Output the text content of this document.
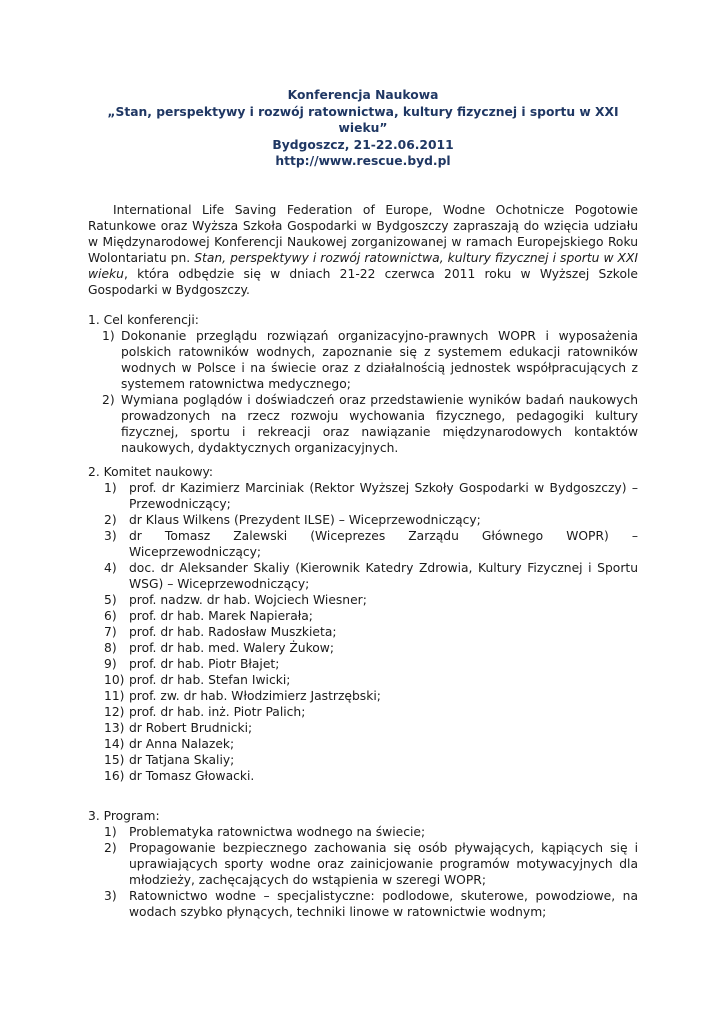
Konferencja Naukowa
„Stan, perspektywy i rozwój ratownictwa, kultury fizycznej i sportu w XXI wieku”
Bydgoszcz, 21-22.06.2011
http://www.rescue.byd.pl

International Life Saving Federation of Europe, Wodne Ochotnicze Pogotowie Ratunkowe oraz Wyższa Szkoła Gospodarki w Bydgoszczy zapraszają do wzięcia udziału w Międzynarodowej Konferencji Naukowej zorganizowanej w ramach Europejskiego Roku Wolontariatu pn. Stan, perspektywy i rozwój ratownictwa, kultury fizycznej i sportu w XXI wieku, która odbędzie się w dniach 21-22 czerwca 2011 roku w Wyższej Szkole Gospodarki w Bydgoszczy.

1. Cel konferencji:
1) Dokonanie przeglądu rozwiązań organizacyjno-prawnych WOPR i wyposażenia polskich ratowników wodnych, zapoznanie się z systemem edukacji ratowników wodnych w Polsce i na świecie oraz z działalnością jednostek współpracujących z systemem ratownictwa medycznego;
2) Wymiana poglądów i doświadczeń oraz przedstawienie wyników badań naukowych prowadzonych na rzecz rozwoju wychowania fizycznego, pedagogiki kultury fizycznej, sportu i rekreacji oraz nawiązanie międzynarodowych kontaktów naukowych, dydaktycznych organizacyjnych.
2. Komitet naukowy:
1) prof. dr Kazimierz Marciniak (Rektor Wyższej Szkoły Gospodarki w Bydgoszczy) – Przewodniczący;
2) dr Klaus Wilkens (Prezydent ILSE) – Wiceprzewodniczący;
3) dr Tomasz Zalewski (Wiceprezes Zarządu Głównego WOPR) – Wiceprzewodniczący;
4) doc. dr Aleksander Skaliy (Kierownik Katedry Zdrowia, Kultury Fizycznej i Sportu WSG) – Wiceprzewodniczący;
5) prof. nadzw. dr hab. Wojciech Wiesner;
6) prof. dr hab. Marek Napierała;
7) prof. dr hab. Radosław Muszkieta;
8) prof. dr hab. med. Walery Żukow;
9) prof. dr hab. Piotr Błajet;
10) prof. dr hab. Stefan Iwicki;
11) prof. zw. dr hab. Włodzimierz Jastrzębski;
12) prof. dr hab. inż. Piotr Palich;
13) dr Robert Brudnicki;
14) dr Anna Nalazek;
15) dr Tatjana Skaliy;
16) dr Tomasz Głowacki.
3. Program:
1) Problematyka ratownictwa wodnego na świecie;
2) Propagowanie bezpiecznego zachowania się osób pływających, kąpiących się i uprawiających sporty wodne oraz zainicjowanie programów motywacyjnych dla młodzieży, zachęcających do wstąpienia w szeregi WOPR;
3) Ratownictwo wodne – specjalistyczne: podlodowe, skuterowe, powodziowe, na wodach szybko płynących, techniki linowe w ratownictwie wodnym;
